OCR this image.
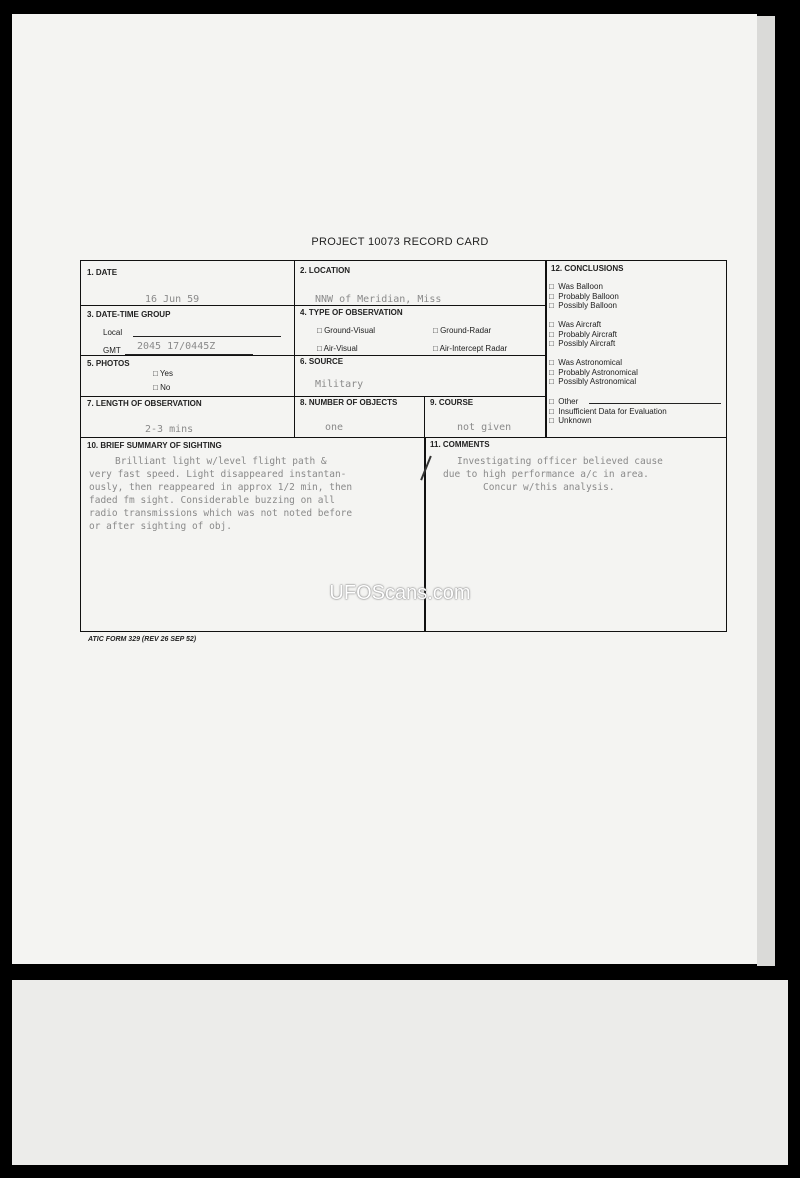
PROJECT 10073 RECORD CARD
1. DATE
16 Jun 59
2. LOCATION
NNW of Meridian, Miss
3. DATE-TIME GROUP
Local
GMT 2045 17/0445Z
4. TYPE OF OBSERVATION
□ Ground-Visual	□ Ground-Radar
□ Air-Visual	□ Air-Intercept Radar
5. PHOTOS
□ Yes
□ No
6. SOURCE
Military
7. LENGTH OF OBSERVATION
2-3 mins
8. NUMBER OF OBJECTS
one
9. COURSE
not given
10. BRIEF SUMMARY OF SIGHTING
Brilliant light w/level flight path &
very fast speed. Light disappeared instantan-
ously, then reappeared in approx 1/2 min, then
faded fm sight. Considerable buzzing on all
radio transmissions which was not noted before
or after sighting of obj.
11. COMMENTS
Investigating officer believed cause
due to high performance a/c in area.
Concur w/this analysis.
12. CONCLUSIONS
□  Was Balloon
□  Probably Balloon
□  Possibly Balloon
□  Was Aircraft
□  Probably Aircraft
□  Possibly Aircraft
□  Was Astronomical
□  Probably Astronomical
□  Possibly Astronomical
□  Other
□  Insufficient Data for Evaluation
□  Unknown
ATIC FORM 329 (REV 26 SEP 52)
UFOScans.com
